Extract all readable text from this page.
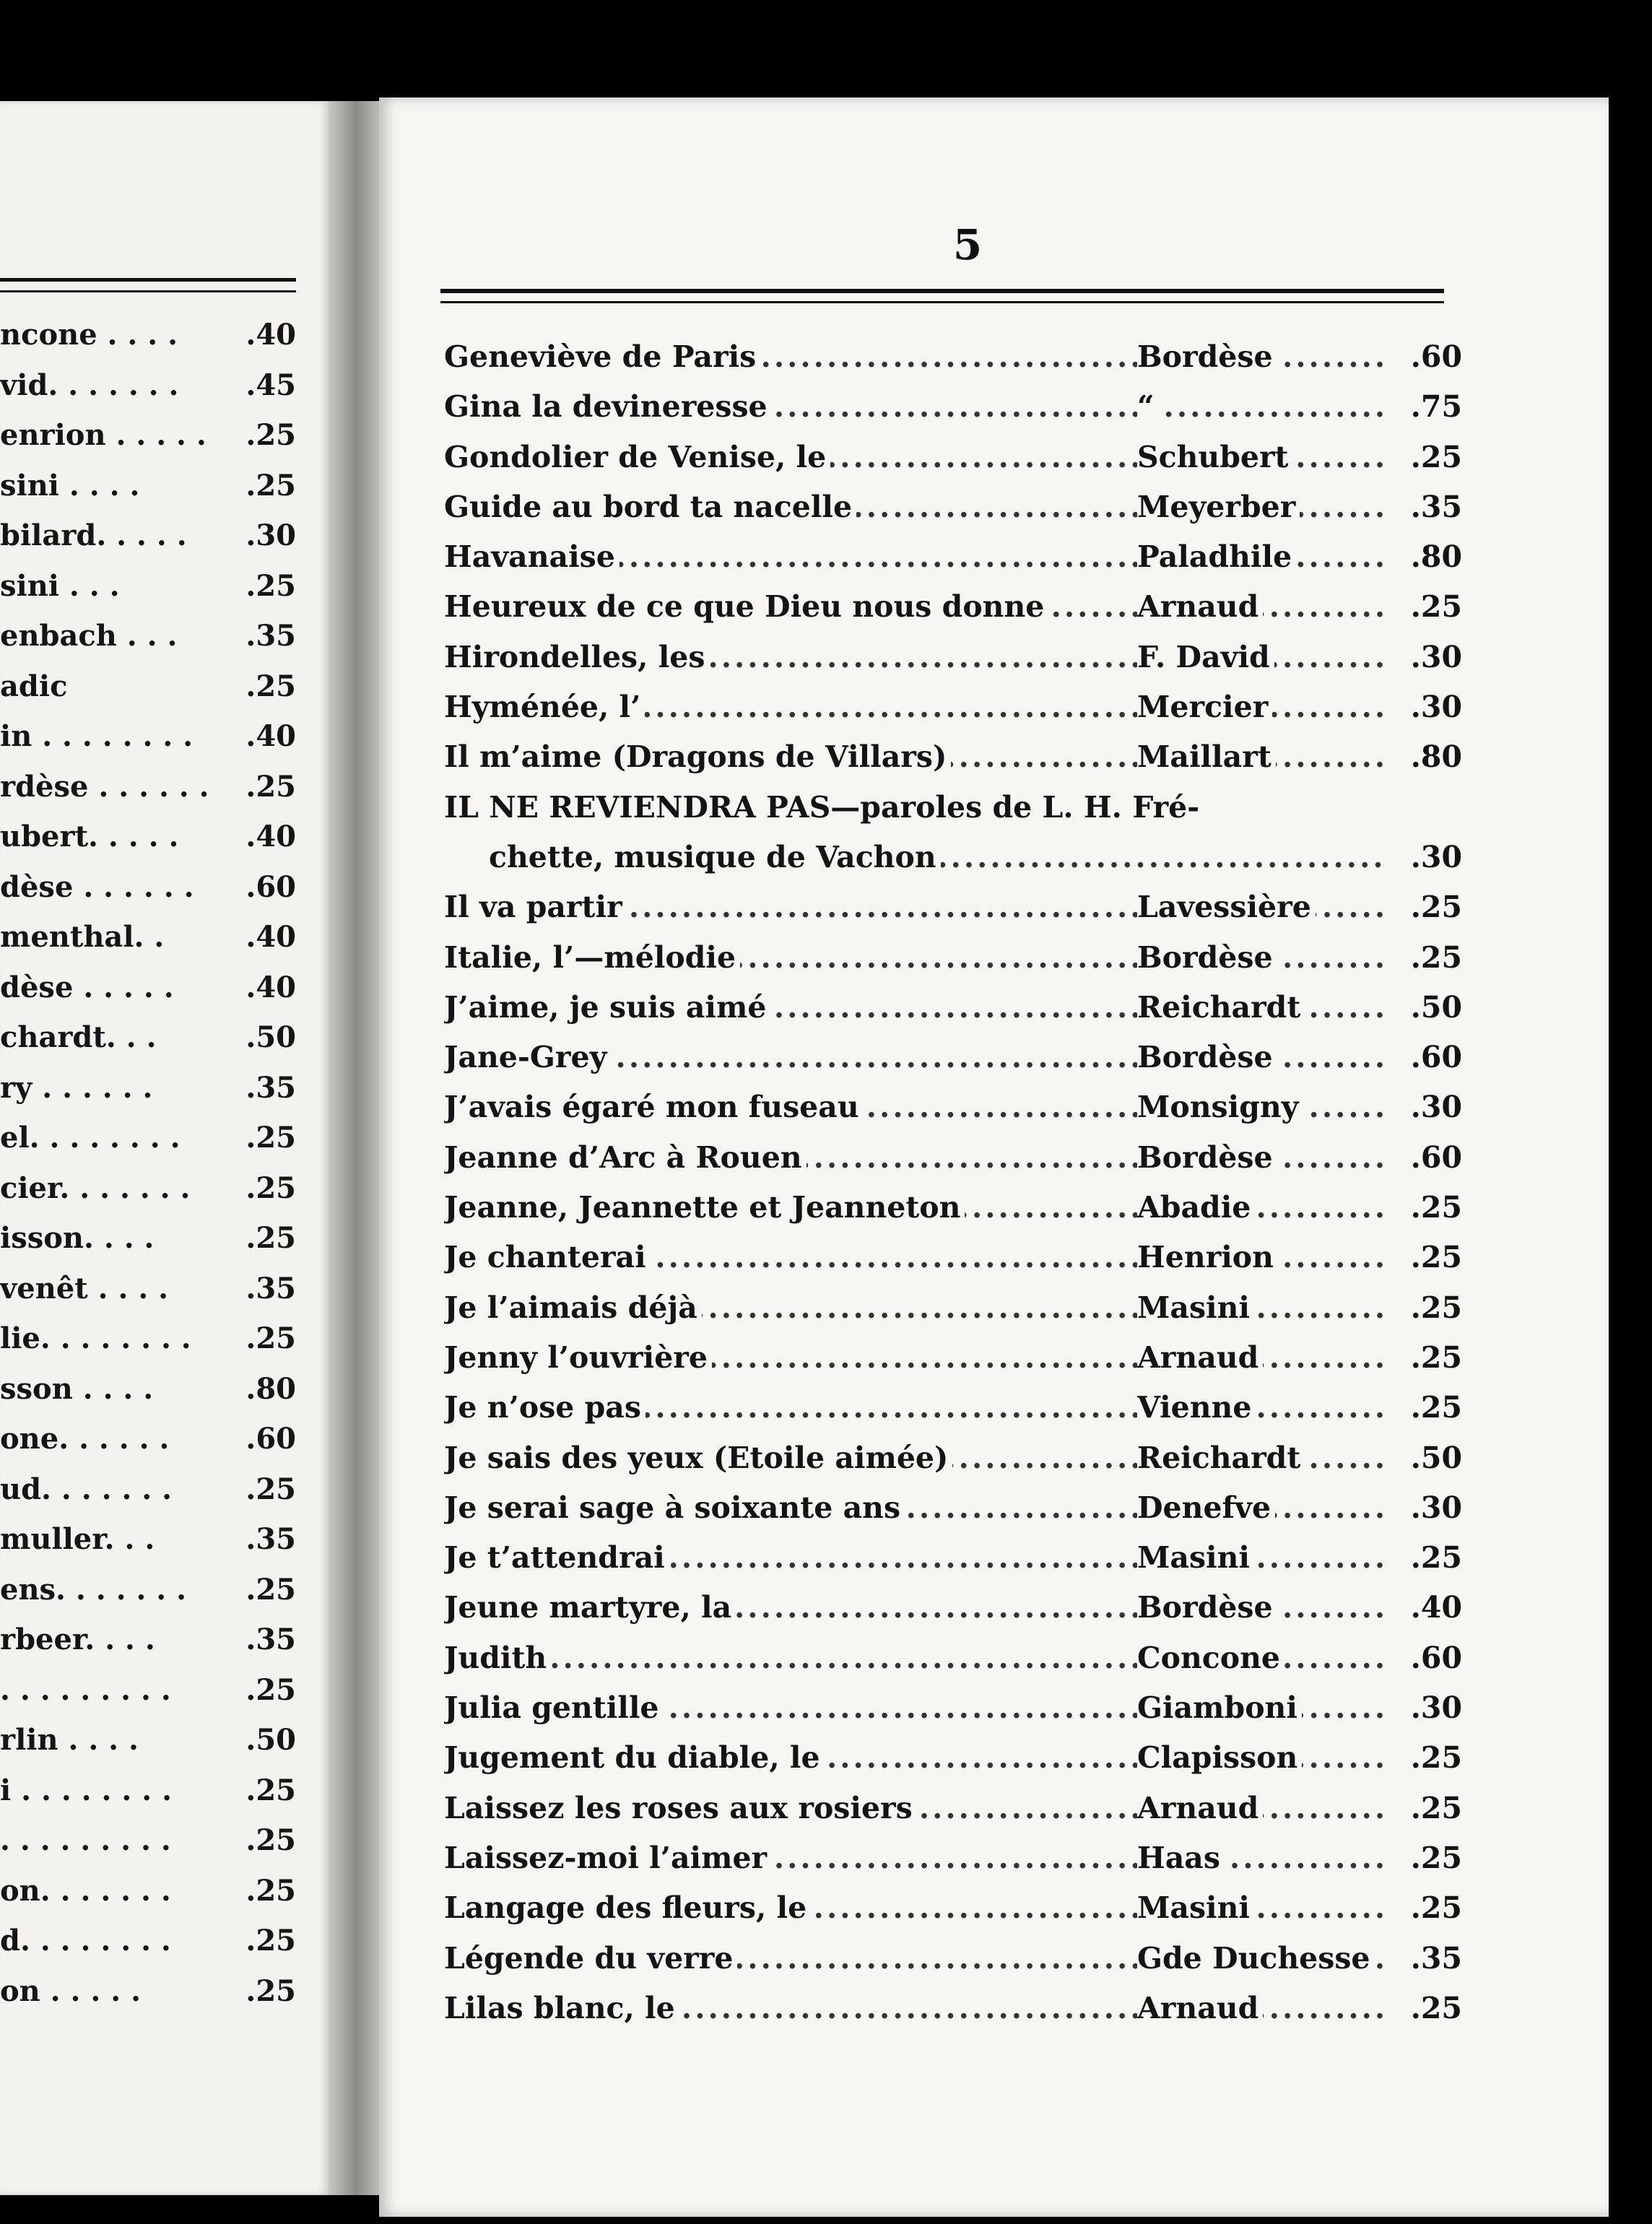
ncone . . . .	.40
vid. . . . . . .	.45
enrion . . . . .	.25
sini . . . .	.25
bilard. . . . .	.30
sini . . .	.25
enbach . . .	.35
adic	.25
in . . . . . . . .	.40
rdèse . . . . . .	.25
ubert. . . . .	.40
dèse . . . . . .	.60
menthal. .	.40
dèse . . . . .	.40
chardt. . .	.50
ry . . . . . .	.35
el. . . . . . . .	.25
cier. . . . . . .	.25
isson. . . .	.25
venêt . . . .	.35
lie. . . . . . . .	.25
sson . . . .	.80
one. . . . . .	.60
ud. . . . . . .	.25
muller. . .	.35
ens. . . . . . .	.25
rbeer. . . .	.35
. . . . . . . . .	.25
rlin . . . .	.50
i . . . . . . . .	.25
. . . . . . . . .	.25
on. . . . . . .	.25
d. . . . . . . .	.25
on . . . . .	.25
5
Geneviève de Paris .....	Bordèse .....	.60
Gina la devineresse .....	“ .....	.75
Gondolier de Venise, le .....	Schubert .....	.25
Guide au bord ta nacelle .....	Meyerber .....	.35
Havanaise .....	Paladhile .....	.80
Heureux de ce que Dieu nous donne .....	Arnaud .....	.25
Hirondelles, les .....	F. David .....	.30
Hyménée, l’ .....	Mercier .....	.30
Il m’aime (Dragons de Villars) .....	Maillart .....	.80
IL NE REVIENDRA PAS—paroles de L. H. Fré-
chette, musique de Vachon .....	.30
Il va partir .....	Lavessière .....	.25
Italie, l’—mélodie .....	Bordèse .....	.25
J’aime, je suis aimé .....	Reichardt .....	.50
Jane-Grey .....	Bordèse .....	.60
J’avais égaré mon fuseau .....	Monsigny .....	.30
Jeanne d’Arc à Rouen .....	Bordèse .....	.60
Jeanne, Jeannette et Jeanneton .....	Abadie .....	.25
Je chanterai .....	Henrion .....	.25
Je l’aimais déjà .....	Masini .....	.25
Jenny l’ouvrière .....	Arnaud .....	.25
Je n’ose pas .....	Vienne .....	.25
Je sais des yeux (Etoile aimée) .....	Reichardt .....	.50
Je serai sage à soixante ans .....	Denefve .....	.30
Je t’attendrai .....	Masini .....	.25
Jeune martyre, la .....	Bordèse .....	.40
Judith .....	Concone .....	.60
Julia gentille .....	Giamboni .....	.30
Jugement du diable, le .....	Clapisson .....	.25
Laissez les roses aux rosiers .....	Arnaud .....	.25
Laissez-moi l’aimer .....	Haas .....	.25
Langage des fleurs, le .....	Masini .....	.25
Légende du verre .....	Gde Duchesse .....	.35
Lilas blanc, le .....	Arnaud .....	.25
